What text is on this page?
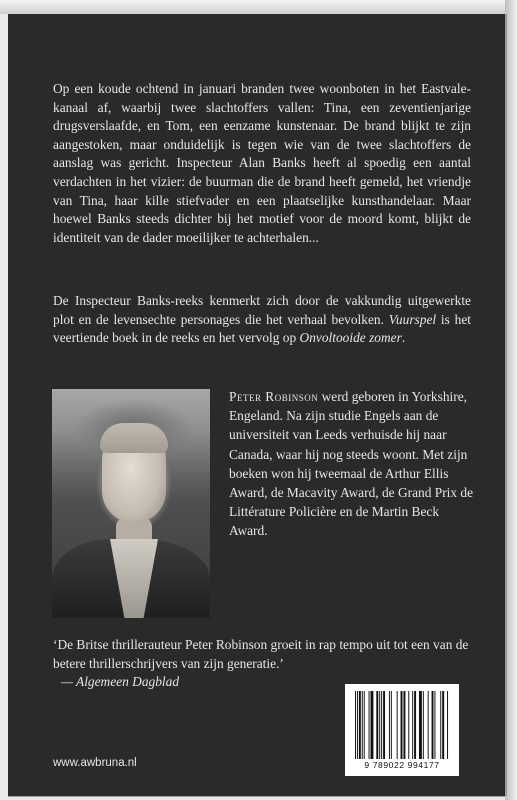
Op een koude ochtend in januari branden twee woonboten in het Eastvale-kanaal af, waarbij twee slachtoffers vallen: Tina, een zeventienjarige drugsverslaafde, en Tom, een eenzame kunstenaar. De brand blijkt te zijn aangestoken, maar onduidelijk is tegen wie van de twee slachtoffers de aanslag was gericht. Inspecteur Alan Banks heeft al spoedig een aantal verdachten in het vizier: de buurman die de brand heeft gemeld, het vriendje van Tina, haar kille stiefvader en een plaatselijke kunsthandelaar. Maar hoewel Banks steeds dichter bij het motief voor de moord komt, blijkt de identiteit van de dader moeilijker te achterhalen...
De Inspecteur Banks-reeks kenmerkt zich door de vakkundig uitgewerkte plot en de levensechte personages die het verhaal bevolken. Vuurspel is het veertiende boek in de reeks en het vervolg op Onvoltooide zomer.
Peter Robinson werd geboren in Yorkshire, Engeland. Na zijn studie Engels aan de universiteit van Leeds verhuisde hij naar Canada, waar hij nog steeds woont. Met zijn boeken won hij tweemaal de Arthur Ellis Award, de Macavity Award, de Grand Prix de Littérature Policière en de Martin Beck Award.
‘De Britse thrillerauteur Peter Robinson groeit in rap tempo uit tot een van de betere thrillerschrijvers van zijn generatie.’
— Algemeen Dagblad
www.awbruna.nl	9 789022 994177
